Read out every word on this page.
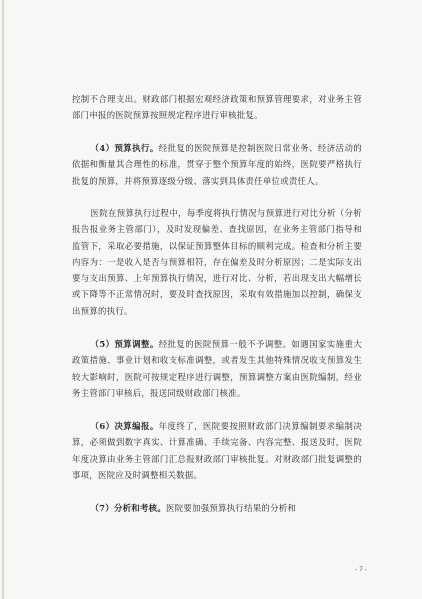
控制不合理支出。财政部门根据宏观经济政策和预算管理要求，对业务主管部门申报的医院预算按照规定程序进行审核批复。

（4）预算执行。经批复的医院预算是控制医院日常业务、经济活动的依据和衡量其合理性的标准，贯穿于整个预算年度的始终，医院要严格执行批复的预算，并将预算逐级分级、落实到具体责任单位或责任人。

医院在预算执行过程中，每季度将执行情况与预算进行对比分析（分析报告报业务主管部门），及时发现偏差、查找原因，在业务主管部门指导和监管下，采取必要措施，以保证预算整体目标的顺利完成。检查和分析主要内容为：一是收入是否与预算相符，存在偏差及时分析原因；二是实际支出要与支出预算、上年预算执行情况，进行对比、分析，若出现支出大幅增长或下降等不正常情况时，要及时查找原因，采取有效措施加以控制，确保支出预算的执行。

（5）预算调整。经批复的医院预算一般不予调整。如遇国家实施重大政策措施、事业计划和收支标准调整，或者发生其他特殊情况收支预算发生较大影响时，医院可按规定程序进行调整，预算调整方案由医院编制，经业务主管部门审核后，报送同级财政部门核准。

（6）决算编报。年度终了，医院要按照财政部门决算编制要求编制决算，必须做到数字真实、计算准确、手续完备、内容完整、报送及时，医院年度决算由业务主管部门汇总报财政部门审核批复。对财政部门批复调整的事项，医院应及时调整相关数据。

（7）分析和考核。医院要加强预算执行结果的分析和

- 7 -
